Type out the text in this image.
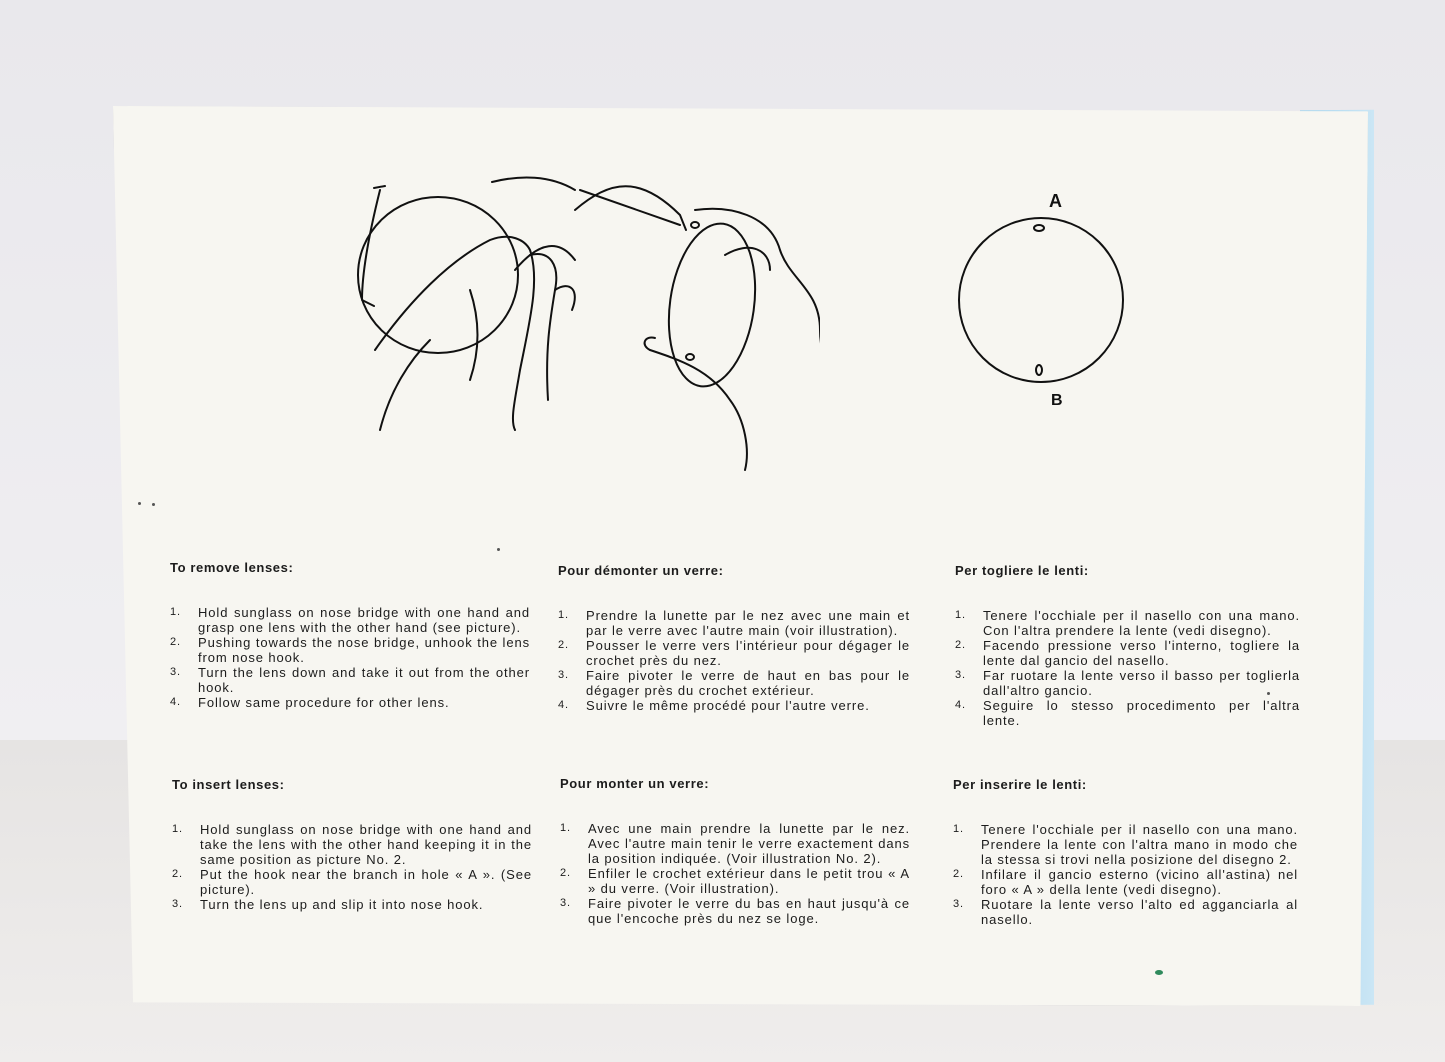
A
B
To remove lenses:
1. Hold sunglass on nose bridge with one hand and grasp one lens with the other hand (see picture).
2. Pushing towards the nose bridge, unhook the lens from nose hook.
3. Turn the lens down and take it out from the other hook.
4. Follow same procedure for other lens.
To insert lenses:
1. Hold sunglass on nose bridge with one hand and take the lens with the other hand keeping it in the same position as picture No. 2.
2. Put the hook near the branch in hole « A ». (See picture).
3. Turn the lens up and slip it into nose hook.
Pour démonter un verre:
1. Prendre la lunette par le nez avec une main et par le verre avec l'autre main (voir illustration).
2. Pousser le verre vers l'intérieur pour dégager le crochet près du nez.
3. Faire pivoter le verre de haut en bas pour le dégager près du crochet extérieur.
4. Suivre le même procédé pour l'autre verre.
Pour monter un verre:
1. Avec une main prendre la lunette par le nez. Avec l'autre main tenir le verre exactement dans la position indiquée. (Voir illustration No. 2).
2. Enfiler le crochet extérieur dans le petit trou « A » du verre. (Voir illustration).
3. Faire pivoter le verre du bas en haut jusqu'à ce que l'encoche près du nez se loge.
Per togliere le lenti:
1. Tenere l'occhiale per il nasello con una mano. Con l'altra prendere la lente (vedi disegno).
2. Facendo pressione verso l'interno, togliere la lente dal gancio del nasello.
3. Far ruotare la lente verso il basso per toglierla dall'altro gancio.
4. Seguire lo stesso procedimento per l'altra lente.
Per inserire le lenti:
1. Tenere l'occhiale per il nasello con una mano. Prendere la lente con l'altra mano in modo che la stessa si trovi nella posizione del disegno 2.
2. Infilare il gancio esterno (vicino all'astina) nel foro « A » della lente (vedi disegno).
3. Ruotare la lente verso l'alto ed agganciarla al nasello.
